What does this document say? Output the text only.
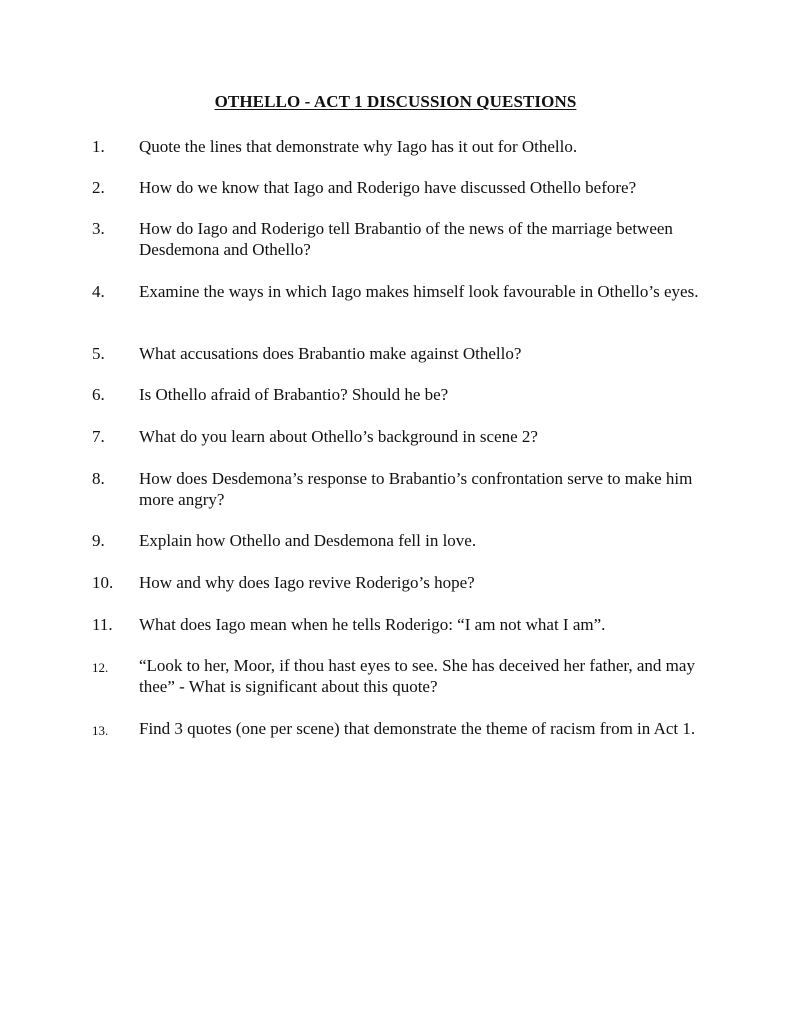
OTHELLO - ACT 1 DISCUSSION QUESTIONS
1.	Quote the lines that demonstrate why Iago has it out for Othello.
2.	How do we know that Iago and Roderigo have discussed Othello before?
3.	How do Iago and Roderigo tell Brabantio of the news of the marriage between Desdemona and Othello?
4.	Examine the ways in which Iago makes himself look favourable in Othello’s eyes.
5.	What accusations does Brabantio make against Othello?
6.	Is Othello afraid of Brabantio? Should he be?
7.	What do you learn about Othello’s background in scene 2?
8.	How does Desdemona’s response to Brabantio’s confrontation serve to make him more angry?
9.	Explain how Othello and Desdemona fell in love.
10.	How and why does Iago revive Roderigo’s hope?
11.	What does Iago mean when he tells Roderigo: “I am not what I am”.
12.	“Look to her, Moor, if thou hast eyes to see. She has deceived her father, and may thee” - What is significant about this quote?
13.	Find 3 quotes (one per scene) that demonstrate the theme of racism from in Act 1.
